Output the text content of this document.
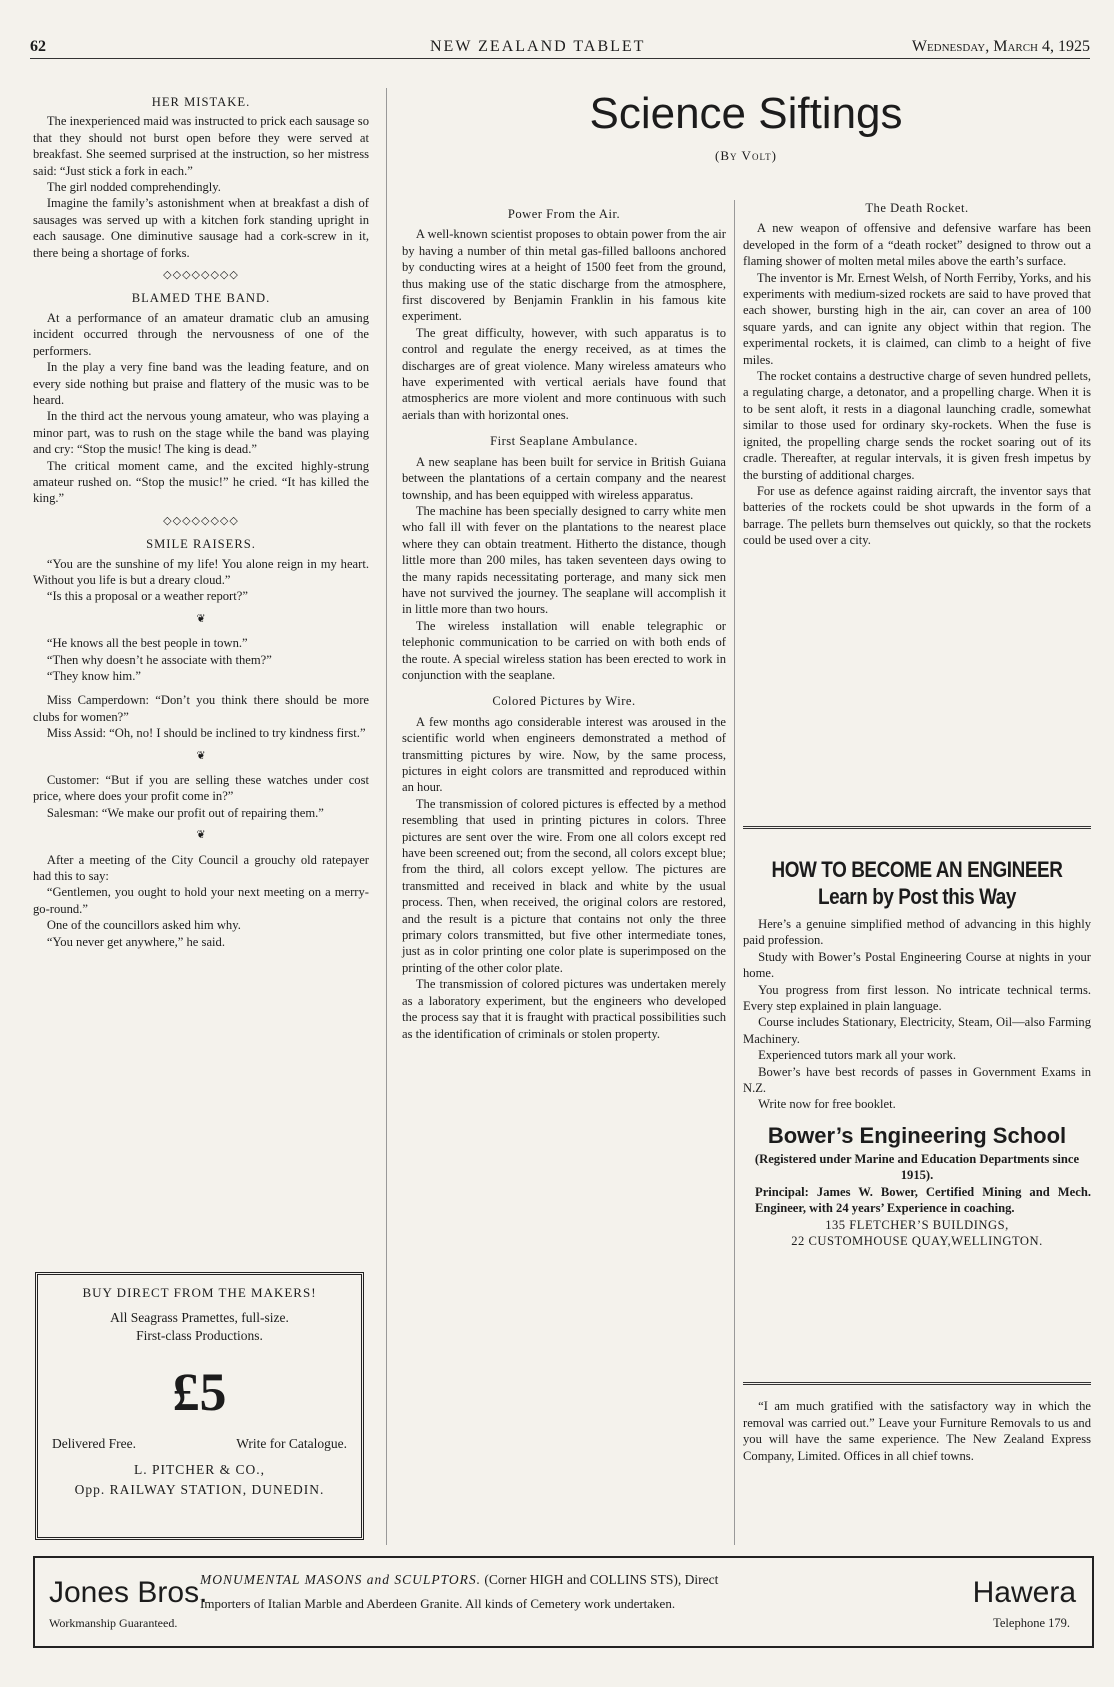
62	NEW ZEALAND TABLET	Wednesday, March 4, 1925
HER MISTAKE.

The inexperienced maid was instructed to prick each sausage so that they should not burst open before they were served at breakfast. She seemed surprised at the instruction, so her mistress said: “Just stick a fork in each.”

The girl nodded comprehendingly.

Imagine the family’s astonishment when at breakfast a dish of sausages was served up with a kitchen fork standing upright in each sausage. One diminutive sausage had a cork-screw in it, there being a shortage of forks.

◇◇◇◇◇◇◇◇
BLAMED THE BAND.

At a performance of an amateur dramatic club an amusing incident occurred through the nervousness of one of the performers.

In the play a very fine band was the leading feature, and on every side nothing but praise and flattery of the music was to be heard.

In the third act the nervous young amateur, who was playing a minor part, was to rush on the stage while the band was playing and cry: “Stop the music! The king is dead.”

The critical moment came, and the excited highly-strung amateur rushed on. “Stop the music!” he cried. “It has killed the king.”

◇◇◇◇◇◇◇◇
SMILE RAISERS.

“You are the sunshine of my life! You alone reign in my heart. Without you life is but a dreary cloud.”

“Is this a proposal or a weather report?”

❦

“He knows all the best people in town.”

“Then why doesn’t he associate with them?”

“They know him.”

Miss Camperdown: “Don’t you think there should be more clubs for women?”

Miss Assid: “Oh, no! I should be inclined to try kindness first.”

❦

Customer: “But if you are selling these watches under cost price, where does your profit come in?”

Salesman: “We make our profit out of repairing them.”

❦

After a meeting of the City Council a grouchy old ratepayer had this to say:

“Gentlemen, you ought to hold your next meeting on a merry-go-round.”

One of the councillors asked him why.

“You never get anywhere,” he said.

BUY DIRECT FROM THE MAKERS!
All Seagrass Pramettes, full-size.
First-class Productions.
£5
Delivered Free.	Write for Catalogue.
L. PITCHER & CO.,
Opp. RAILWAY STATION, DUNEDIN.
Science Siftings
(By Volt)
Power From the Air.

A well-known scientist proposes to obtain power from the air by having a number of thin metal gas-filled balloons anchored by conducting wires at a height of 1500 feet from the ground, thus making use of the static discharge from the atmosphere, first discovered by Benjamin Franklin in his famous kite experiment.

The great difficulty, however, with such apparatus is to control and regulate the energy received, as at times the discharges are of great violence. Many wireless amateurs who have experimented with vertical aerials have found that atmospherics are more violent and more continuous with such aerials than with horizontal ones.

First Seaplane Ambulance.

A new seaplane has been built for service in British Guiana between the plantations of a certain company and the nearest township, and has been equipped with wireless apparatus.

The machine has been specially designed to carry white men who fall ill with fever on the plantations to the nearest place where they can obtain treatment. Hitherto the distance, though little more than 200 miles, has taken seventeen days owing to the many rapids necessitating porterage, and many sick men have not survived the journey. The seaplane will accomplish it in little more than two hours.

The wireless installation will enable telegraphic or telephonic communication to be carried on with both ends of the route. A special wireless station has been erected to work in conjunction with the seaplane.

Colored Pictures by Wire.

A few months ago considerable interest was aroused in the scientific world when engineers demonstrated a method of transmitting pictures by wire. Now, by the same process, pictures in eight colors are transmitted and reproduced within an hour.

The transmission of colored pictures is effected by a method resembling that used in printing pictures in colors. Three pictures are sent over the wire. From one all colors except red have been screened out; from the second, all colors except blue; from the third, all colors except yellow. The pictures are transmitted and received in black and white by the usual process. Then, when received, the original colors are restored, and the result is a picture that contains not only the three primary colors transmitted, but five other intermediate tones, just as in color printing one color plate is superimposed on the printing of the other color plate.

The transmission of colored pictures was undertaken merely as a laboratory experiment, but the engineers who developed the process say that it is fraught with practical possibilities such as the identification of criminals or stolen property.

The Death Rocket.

A new weapon of offensive and defensive warfare has been developed in the form of a “death rocket” designed to throw out a flaming shower of molten metal miles above the earth’s surface.

The inventor is Mr. Ernest Welsh, of North Ferriby, Yorks, and his experiments with medium-sized rockets are said to have proved that each shower, bursting high in the air, can cover an area of 100 square yards, and can ignite any object within that region. The experimental rockets, it is claimed, can climb to a height of five miles.

The rocket contains a destructive charge of seven hundred pellets, a regulating charge, a detonator, and a propelling charge. When it is to be sent aloft, it rests in a diagonal launching cradle, somewhat similar to those used for ordinary sky-rockets. When the fuse is ignited, the propelling charge sends the rocket soaring out of its cradle. Thereafter, at regular intervals, it is given fresh impetus by the bursting of additional charges.

For use as defence against raiding aircraft, the inventor says that batteries of the rockets could be shot upwards in the form of a barrage. The pellets burn themselves out quickly, so that the rockets could be used over a city.

HOW TO BECOME AN ENGINEER
Learn by Post this Way

Here’s a genuine simplified method of advancing in this highly paid profession.

Study with Bower’s Postal Engineering Course at nights in your home.

You progress from first lesson. No intricate technical terms. Every step explained in plain language.

Course includes Stationary, Electricity, Steam, Oil—also Farming Machinery.

Experienced tutors mark all your work.

Bower’s have best records of passes in Government Exams in N.Z.

Write now for free booklet.

Bower’s Engineering School
(Registered under Marine and Education Departments since 1915).
Principal: James W. Bower, Certified Mining and Mech. Engineer, with 24 years’ Experience in coaching.
135 FLETCHER’S BUILDINGS,
22 CUSTOMHOUSE QUAY,WELLINGTON.

“I am much gratified with the satisfactory way in which the removal was carried out.” Leave your Furniture Removals to us and you will have the same experience. The New Zealand Express Company, Limited. Offices in all chief towns.

Jones Bros.
Workmanship Guaranteed.
MONUMENTAL MASONS and SCULPTORS. (Corner HIGH and COLLINS STS), Direct
Importers of Italian Marble and Aberdeen Granite. All kinds of Cemetery work undertaken.	Hawera
Telephone 179.
